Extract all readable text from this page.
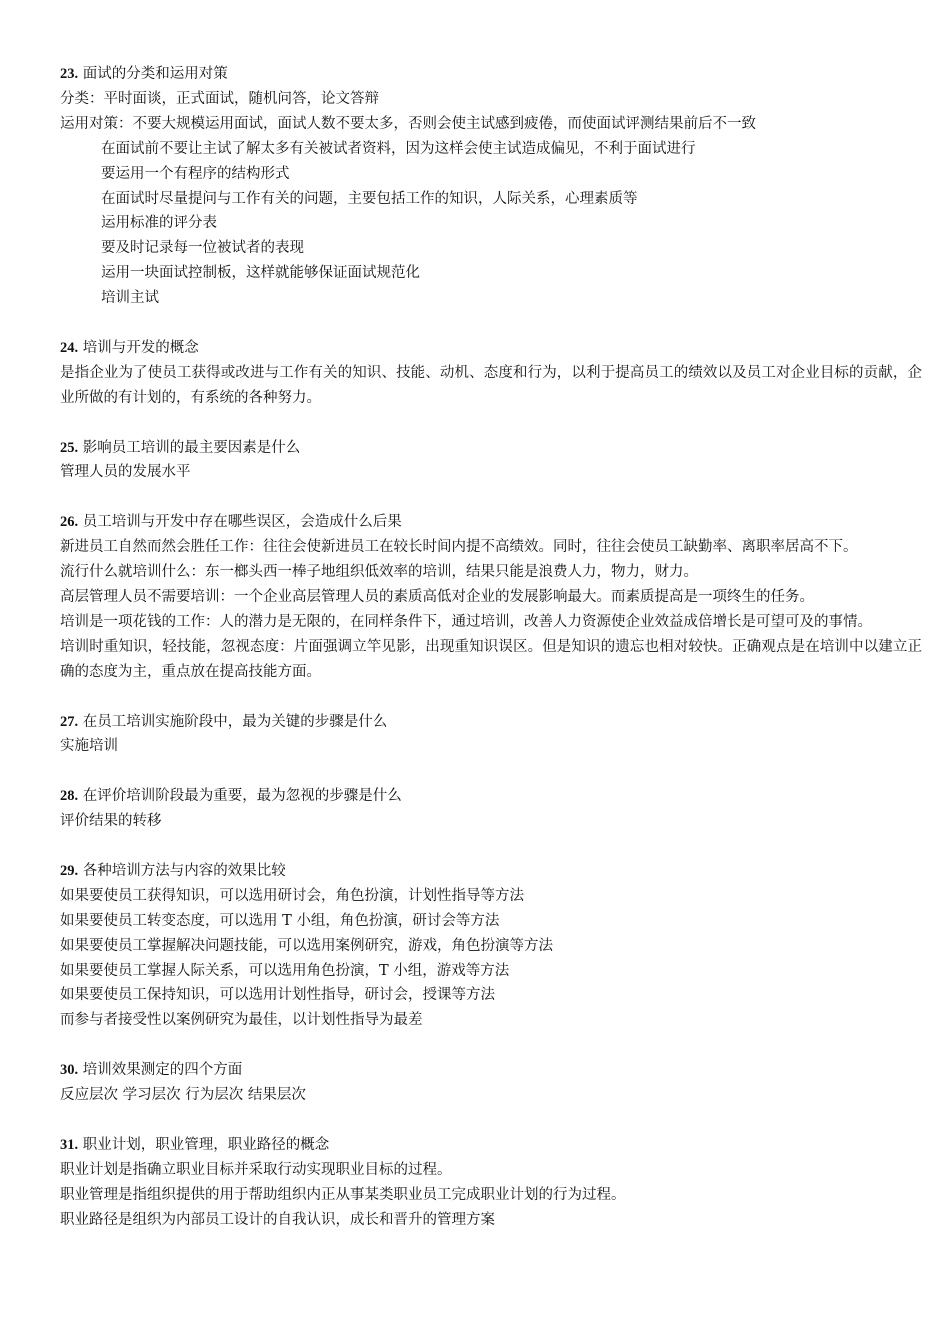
23. 面试的分类和运用对策
分类：平时面谈，正式面试，随机问答，论文答辩
运用对策：不要大规模运用面试，面试人数不要太多，否则会使主试感到疲倦，而使面试评测结果前后不一致
在面试前不要让主试了解太多有关被试者资料，因为这样会使主试造成偏见，不利于面试进行
要运用一个有程序的结构形式
在面试时尽量提问与工作有关的问题，主要包括工作的知识，人际关系，心理素质等
运用标准的评分表
要及时记录每一位被试者的表现
运用一块面试控制板，这样就能够保证面试规范化
培训主试
24. 培训与开发的概念
是指企业为了使员工获得或改进与工作有关的知识、技能、动机、态度和行为，以利于提高员工的绩效以及员工对企业目标的贡献，企业所做的有计划的，有系统的各种努力。
25. 影响员工培训的最主要因素是什么
管理人员的发展水平
26. 员工培训与开发中存在哪些误区，会造成什么后果
新进员工自然而然会胜任工作：往往会使新进员工在较长时间内提不高绩效。同时，往往会使员工缺勤率、离职率居高不下。
流行什么就培训什么：东一榔头西一棒子地组织低效率的培训，结果只能是浪费人力，物力，财力。
高层管理人员不需要培训：一个企业高层管理人员的素质高低对企业的发展影响最大。而素质提高是一项终生的任务。
培训是一项花钱的工作：人的潜力是无限的，在同样条件下，通过培训，改善人力资源使企业效益成倍增长是可望可及的事情。
培训时重知识，轻技能，忽视态度：片面强调立竿见影，出现重知识误区。但是知识的遗忘也相对较快。正确观点是在培训中以建立正确的态度为主，重点放在提高技能方面。
27. 在员工培训实施阶段中，最为关键的步骤是什么
实施培训
28. 在评价培训阶段最为重要，最为忽视的步骤是什么
评价结果的转移
29. 各种培训方法与内容的效果比较
如果要使员工获得知识，可以选用研讨会，角色扮演，计划性指导等方法
如果要使员工转变态度，可以选用 T 小组，角色扮演，研讨会等方法
如果要使员工掌握解决问题技能，可以选用案例研究，游戏，角色扮演等方法
如果要使员工掌握人际关系，可以选用角色扮演，T 小组，游戏等方法
如果要使员工保持知识，可以选用计划性指导，研讨会，授课等方法
而参与者接受性以案例研究为最佳，以计划性指导为最差
30. 培训效果测定的四个方面
反应层次 学习层次 行为层次 结果层次
31. 职业计划，职业管理，职业路径的概念
职业计划是指确立职业目标并采取行动实现职业目标的过程。
职业管理是指组织提供的用于帮助组织内正从事某类职业员工完成职业计划的行为过程。
职业路径是组织为内部员工设计的自我认识，成长和晋升的管理方案
